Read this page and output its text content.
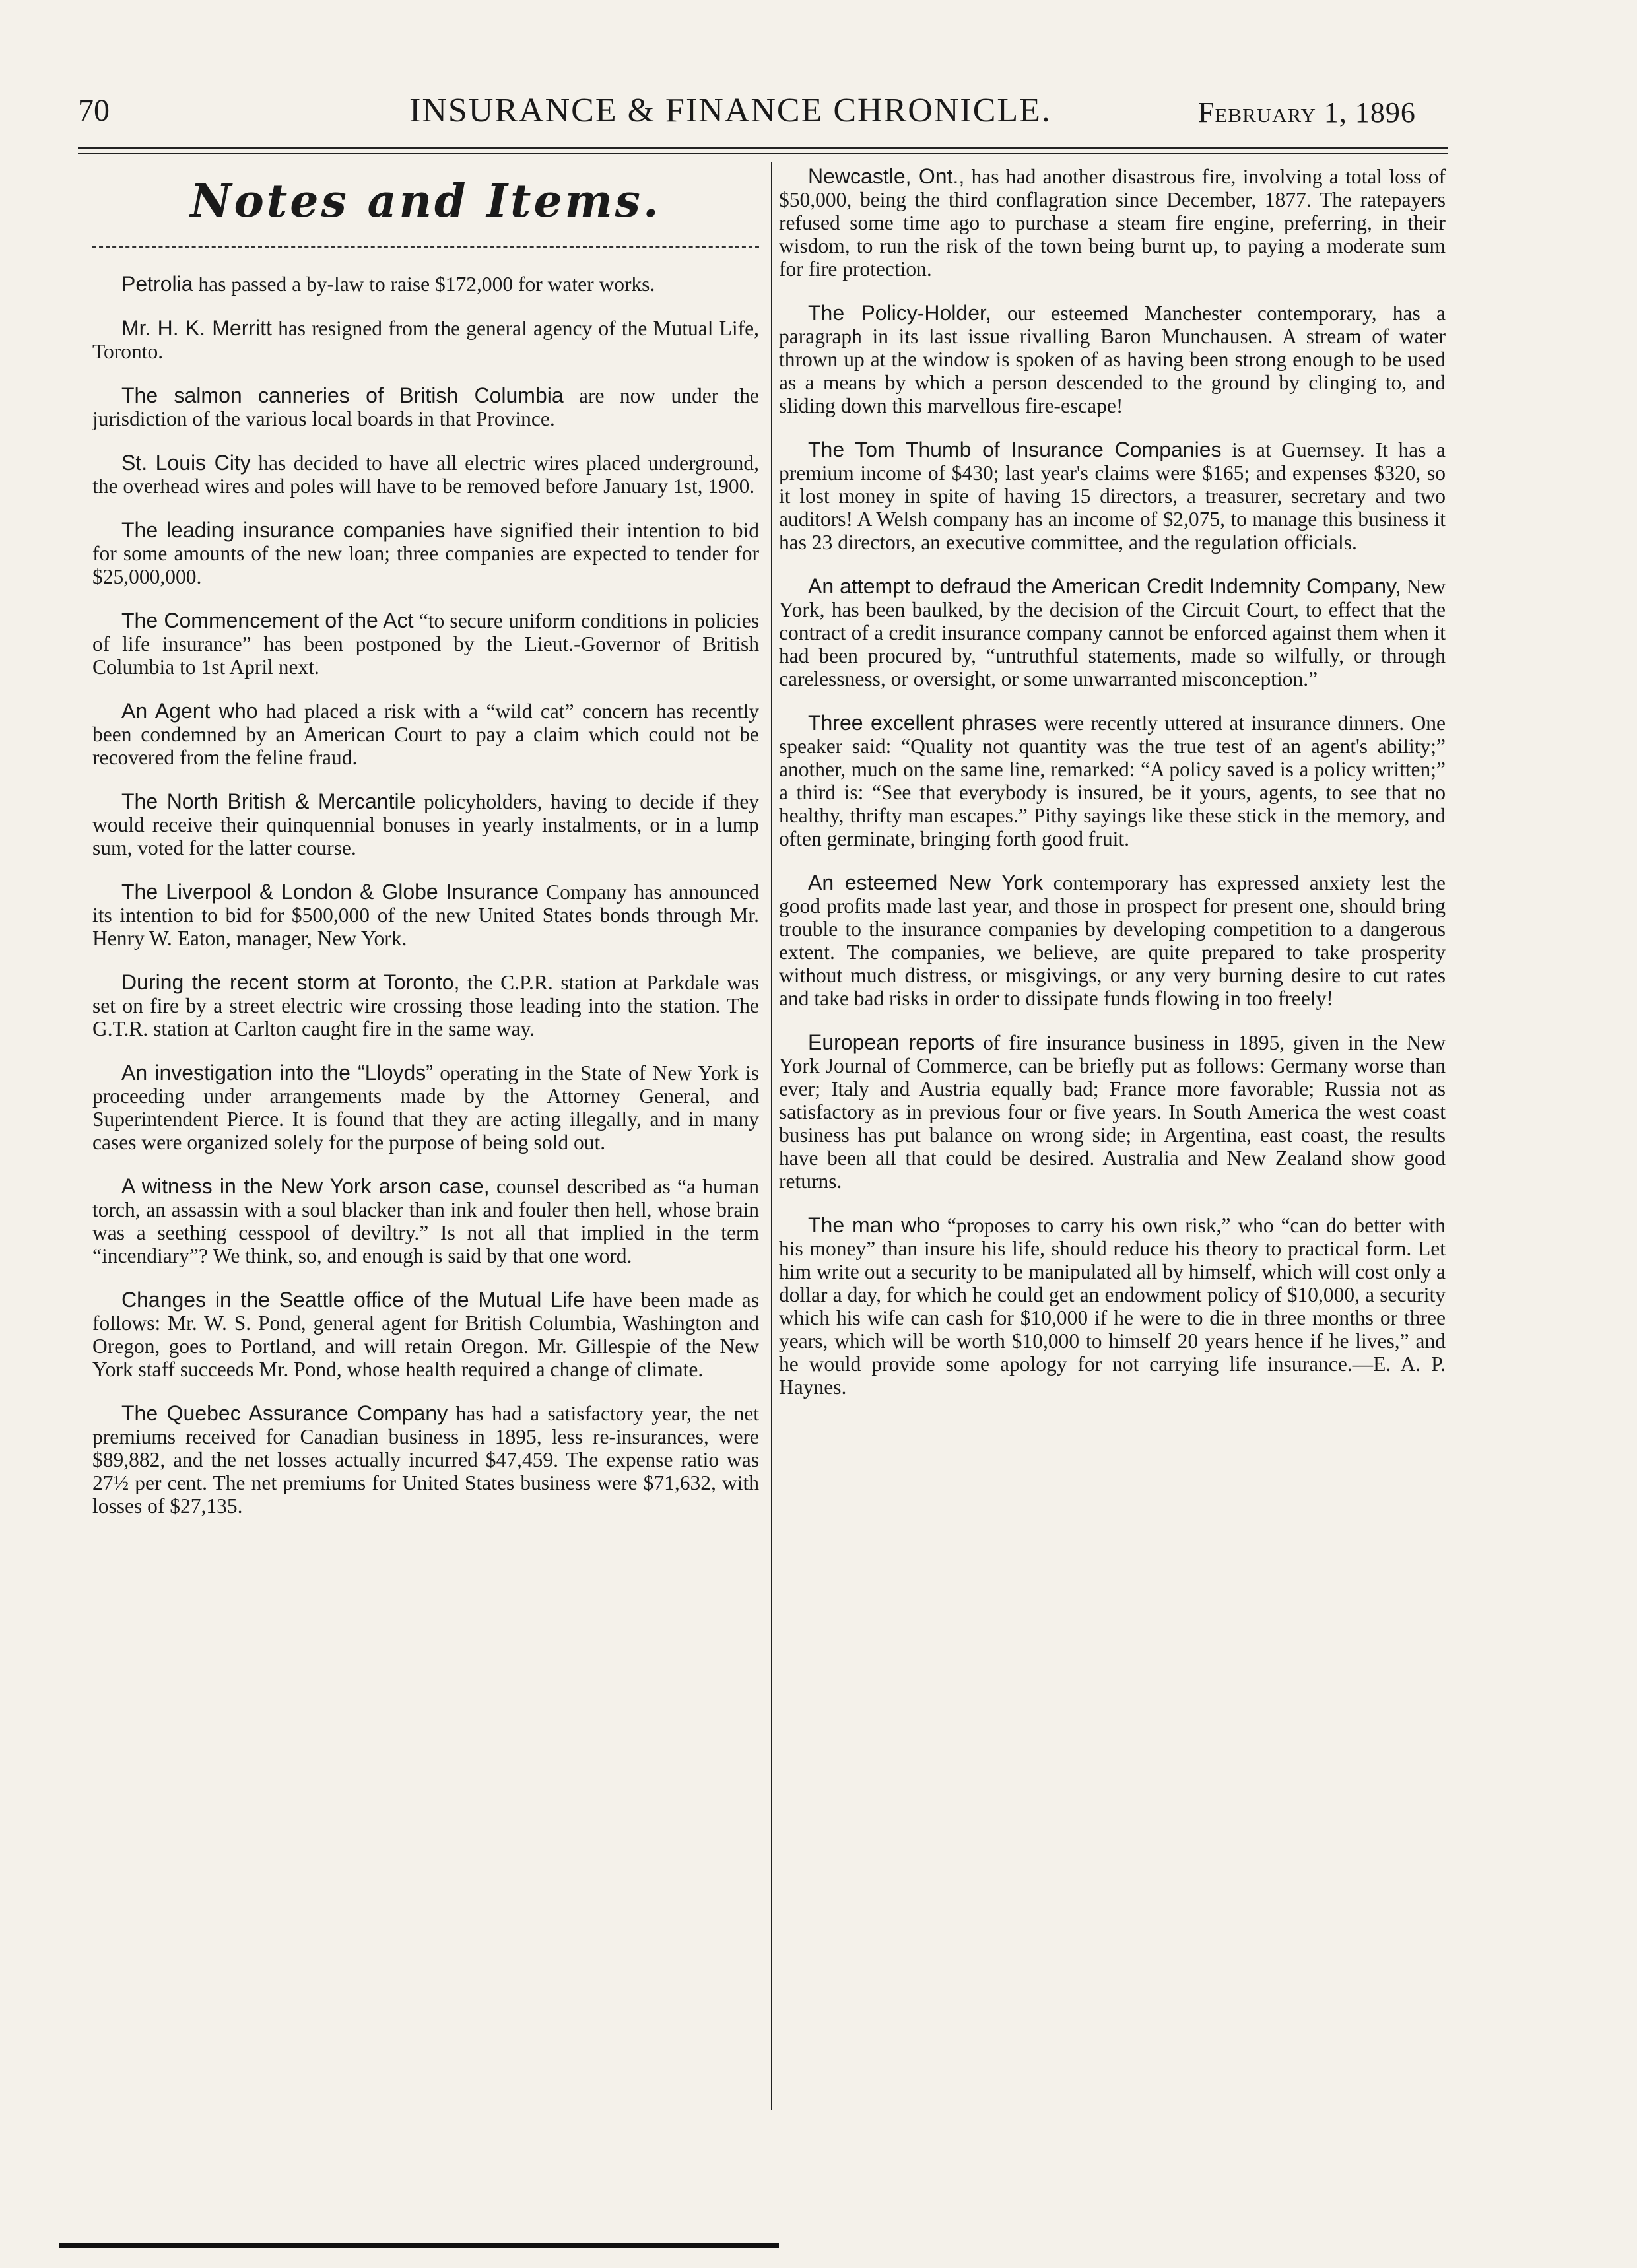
70	INSURANCE & FINANCE CHRONICLE.	February 1, 1896
Notes and Items.

Petrolia has passed a by-law to raise $172,000 for water works.

Mr. H. K. Merritt has resigned from the general agency of the Mutual Life, Toronto.

The salmon canneries of British Columbia are now under the jurisdiction of the various local boards in that Province.

St. Louis City has decided to have all electric wires placed underground, the overhead wires and poles will have to be removed before January 1st, 1900.

The leading insurance companies have signified their intention to bid for some amounts of the new loan; three companies are expected to tender for $25,000,000.

The Commencement of the Act “to secure uniform conditions in policies of life insurance” has been postponed by the Lieut.-Governor of British Columbia to 1st April next.

An Agent who had placed a risk with a “wild cat” concern has recently been condemned by an American Court to pay a claim which could not be recovered from the feline fraud.

The North British & Mercantile policyholders, having to decide if they would receive their quinquennial bonuses in yearly instalments, or in a lump sum, voted for the latter course.

The Liverpool & London & Globe Insurance Company has announced its intention to bid for $500,000 of the new United States bonds through Mr. Henry W. Eaton, manager, New York.

During the recent storm at Toronto, the C.P.R. station at Parkdale was set on fire by a street electric wire crossing those leading into the station. The G.T.R. station at Carlton caught fire in the same way.

An investigation into the “Lloyds” operating in the State of New York is proceeding under arrangements made by the Attorney General, and Superintendent Pierce. It is found that they are acting illegally, and in many cases were organized solely for the purpose of being sold out.

A witness in the New York arson case, counsel described as “a human torch, an assassin with a soul blacker than ink and fouler then hell, whose brain was a seething cesspool of deviltry.” Is not all that implied in the term “incendiary”? We think, so, and enough is said by that one word.

Changes in the Seattle office of the Mutual Life have been made as follows: Mr. W. S. Pond, general agent for British Columbia, Washington and Oregon, goes to Portland, and will retain Oregon. Mr. Gillespie of the New York staff succeeds Mr. Pond, whose health required a change of climate.

The Quebec Assurance Company has had a satisfactory year, the net premiums received for Canadian business in 1895, less re-insurances, were $89,882, and the net losses actually incurred $47,459. The expense ratio was 27½ per cent. The net premiums for United States business were $71,632, with losses of $27,135.

Newcastle, Ont., has had another disastrous fire, involving a total loss of $50,000, being the third conflagration since December, 1877. The ratepayers refused some time ago to purchase a steam fire engine, preferring, in their wisdom, to run the risk of the town being burnt up, to paying a moderate sum for fire protection.

The Policy-Holder, our esteemed Manchester contemporary, has a paragraph in its last issue rivalling Baron Munchausen. A stream of water thrown up at the window is spoken of as having been strong enough to be used as a means by which a person descended to the ground by clinging to, and sliding down this marvellous fire-escape!

The Tom Thumb of Insurance Companies is at Guernsey. It has a premium income of $430; last year's claims were $165; and expenses $320, so it lost money in spite of having 15 directors, a treasurer, secretary and two auditors! A Welsh company has an income of $2,075, to manage this business it has 23 directors, an executive committee, and the regulation officials.

An attempt to defraud the American Credit Indemnity Company, New York, has been baulked, by the decision of the Circuit Court, to effect that the contract of a credit insurance company cannot be enforced against them when it had been procured by, “untruthful statements, made so wilfully, or through carelessness, or oversight, or some unwarranted misconception.”

Three excellent phrases were recently uttered at insurance dinners. One speaker said: “Quality not quantity was the true test of an agent's ability;” another, much on the same line, remarked: “A policy saved is a policy written;” a third is: “See that everybody is insured, be it yours, agents, to see that no healthy, thrifty man escapes.” Pithy sayings like these stick in the memory, and often germinate, bringing forth good fruit.

An esteemed New York contemporary has expressed anxiety lest the good profits made last year, and those in prospect for present one, should bring trouble to the insurance companies by developing competition to a dangerous extent. The companies, we believe, are quite prepared to take prosperity without much distress, or misgivings, or any very burning desire to cut rates and take bad risks in order to dissipate funds flowing in too freely!

European reports of fire insurance business in 1895, given in the New York Journal of Commerce, can be briefly put as follows: Germany worse than ever; Italy and Austria equally bad; France more favorable; Russia not as satisfactory as in previous four or five years. In South America the west coast business has put balance on wrong side; in Argentina, east coast, the results have been all that could be desired. Australia and New Zealand show good returns.

The man who “proposes to carry his own risk,” who “can do better with his money” than insure his life, should reduce his theory to practical form. Let him write out a security to be manipulated all by himself, which will cost only a dollar a day, for which he could get an endowment policy of $10,000, a security which his wife can cash for $10,000 if he were to die in three months or three years, which will be worth $10,000 to himself 20 years hence if he lives,” and he would provide some apology for not carrying life insurance.—E. A. P. Haynes.
